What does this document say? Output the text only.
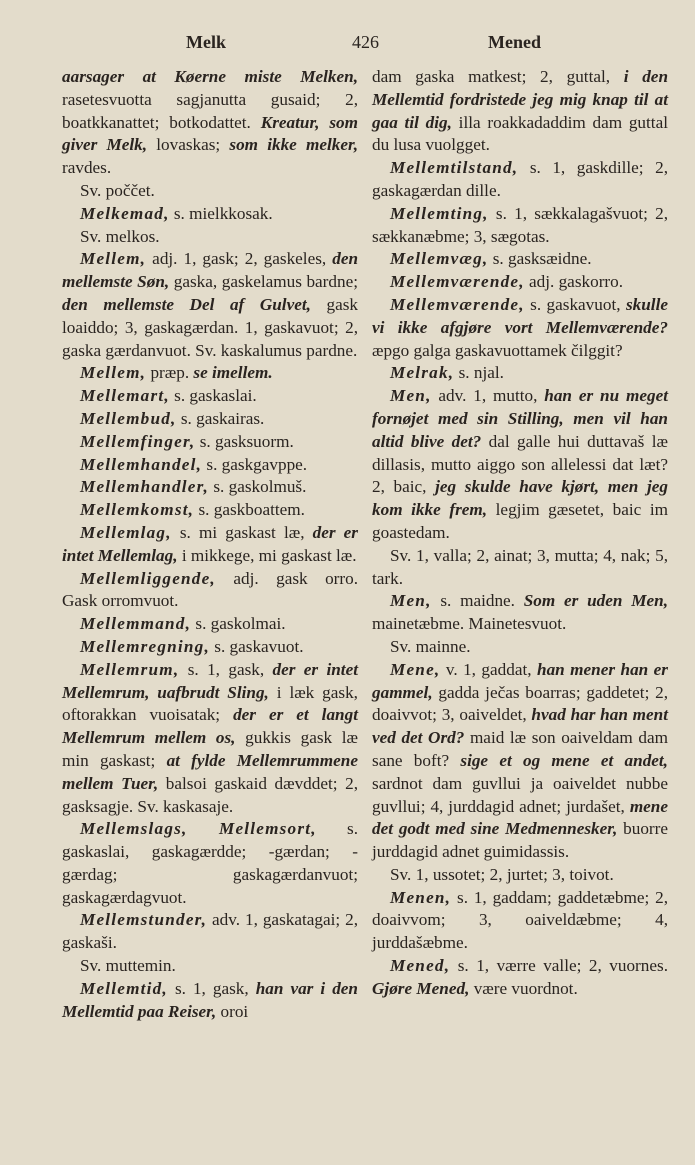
Melk	426	Mened

aarsager at Køerne miste Melken, rasetesvuotta sagjanutta gusaid; 2, boatkkanattet; botkodattet. Kreatur, som giver Melk, lovaskas; som ikke melker, ravdes.

Sv. poččet.

Melkemad, s. mielkkosak.

Sv. melkos.

Mellem, adj. 1, gask; 2, gaskeles, den mellemste Søn, gaska, gaskelamus bardne; den mellemste Del af Gulvet, gask loaiddo; 3, gaskagærdan. 1, gaskavuot; 2, gaska gærdanvuot. Sv. kaskalumus pardne.

Mellem, præp. se imellem.

Mellemart, s. gaskaslai.

Mellembud, s. gaskairas.

Mellemfinger, s. gasksuorm.

Mellemhandel, s. gaskgavppe.

Mellemhandler, s. gaskolmuš.

Mellemkomst, s. gaskboattem.

Mellemlag, s. mi gaskast læ, der er intet Mellemlag, i mikkege, mi gaskast læ.

Mellemliggende, adj. gask orro. Gask orromvuot.

Mellemmand, s. gaskolmai.

Mellemregning, s. gaskavuot.

Mellemrum, s. 1, gask, der er intet Mellemrum, uafbrudt Sling, i læk gask, oftorakkan vuoisatak; der er et langt Mellemrum mellem os, gukkis gask læ min gaskast; at fylde Mellemrummene mellem Tuer, balsoi gaskaid dævddet; 2, gasksagje. Sv. kaskasaje.

Mellemslags, Mellemsort, s. gaskaslai, gaskagærdde; -gærdan; -gærdag; gaskagærdanvuot; gaskagærdagvuot.

Mellemstunder, adv. 1, gaskatagai; 2, gaskaši.

Sv. muttemin.

Mellemtid, s. 1, gask, han var i den Mellemtid paa Reiser, oroi

dam gaska matkest; 2, guttal, i den Mellemtid fordristede jeg mig knap til at gaa til dig, illa roakkadaddim dam guttal du lusa vuolgget.

Mellemtilstand, s. 1, gaskdille; 2, gaskagærdan dille.

Mellemting, s. 1, sækkalagašvuot; 2, sækkanæbme; 3, sægotas.

Mellemvæg, s. gasksæidne.

Mellemværende, adj. gaskorro.

Mellemværende, s. gaskavuot, skulle vi ikke afgjøre vort Mellemværende? æpgo galga gaskavuottamek čilggit?

Melrak, s. njal.

Men, adv. 1, mutto, han er nu meget fornøjet med sin Stilling, men vil han altid blive det? dal galle hui duttavaš læ dillasis, mutto aiggo son allelessi dat læt? 2, baic, jeg skulde have kjørt, men jeg kom ikke frem, legjim gæsetet, baic im goastedam.

Sv. 1, valla; 2, ainat; 3, mutta; 4, nak; 5, tark.

Men, s. maidne. Som er uden Men, mainetæbme. Mainetesvuot.

Sv. mainne.

Mene, v. 1, gaddat, han mener han er gammel, gadda ječas boarras; gaddetet; 2, doaivvot; 3, oaiveldet, hvad har han ment ved det Ord? maid læ son oaiveldam dam sane boft? sige et og mene et andet, sardnot dam guvllui ja oaiveldet nubbe guvllui; 4, jurddagid adnet; jurdašet, mene det godt med sine Medmennesker, buorre jurddagid adnet guimidassis.

Sv. 1, ussotet; 2, jurtet; 3, toivot.

Menen, s. 1, gaddam; gaddetæbme; 2, doaivvom; 3, oaiveldæbme; 4, jurddašæbme.

Mened, s. 1, værre valle; 2, vuornes. Gjøre Mened, være vuordnot.
